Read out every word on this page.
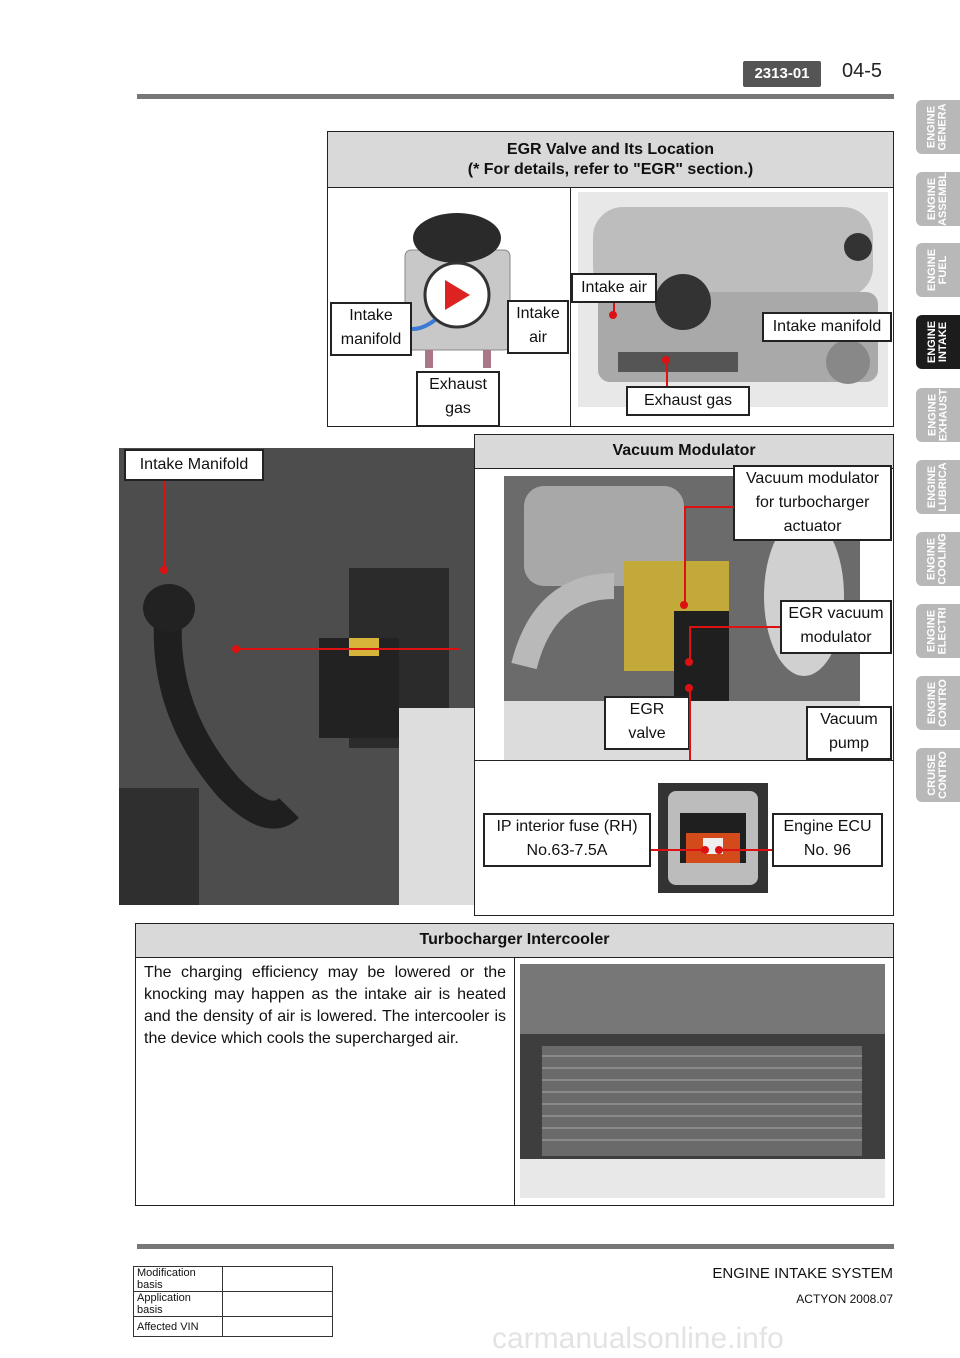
2313-01	04-5
ENGINE
GENERA
ENGINE
ASSEMBL
ENGINE
FUEL
ENGINE
INTAKE
ENGINE
EXHAUST
ENGINE
LUBRICA
ENGINE
COOLING
ENGINE
ELECTRI
ENGINE
CONTRO
CRUISE
CONTRO
EGR Valve and Its Location
(* For details, refer to "EGR" section.)
Intake
manifold
Intake
air
Exhaust
gas
Intake air
Intake manifold
Exhaust gas
Intake Manifold
Vacuum Modulator
Vacuum modulator
for turbocharger
actuator
EGR vacuum
modulator
EGR
valve
Vacuum
pump
IP interior fuse (RH)
No.63-7.5A
Engine ECU
No. 96
Turbocharger Intercooler
The charging efficiency may be lowered or the knocking may happen as the intake air is heated and the density of air is lowered. The intercooler is the device which cools the supercharged air.
Modification basis	
Application basis	
Affected VIN	
ENGINE INTAKE SYSTEM
ACTYON 2008.07
carmanualsonline.info
